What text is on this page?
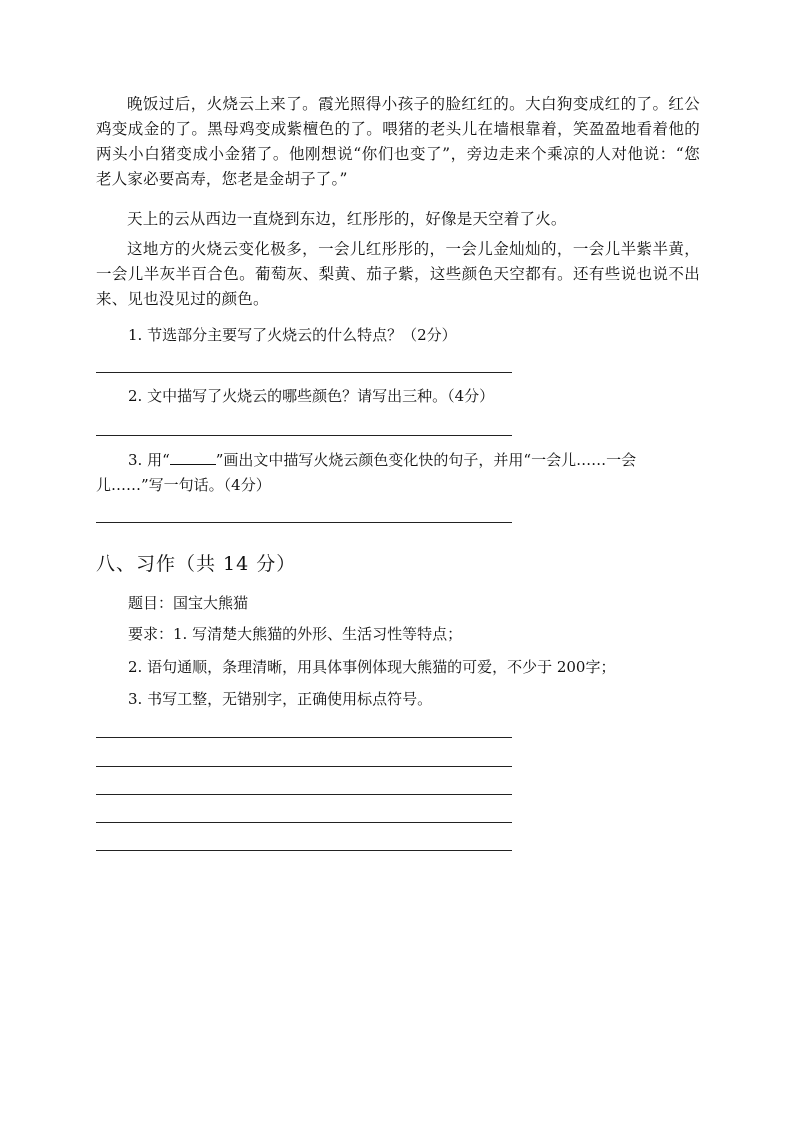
晚饭过后，火烧云上来了。霞光照得小孩子的脸红红的。大白狗变成红的了。红公鸡变成金的了。黑母鸡变成紫檀色的了。喂猪的老头儿在墙根靠着，笑盈盈地看着他的两头小白猪变成小金猪了。他刚想说“你们也变了”，旁边走来个乘凉的人对他说：“您老人家必要高寿，您老是金胡子了。”

天上的云从西边一直烧到东边，红彤彤的，好像是天空着了火。

这地方的火烧云变化极多，一会儿红彤彤的，一会儿金灿灿的，一会儿半紫半黄，一会儿半灰半百合色。葡萄灰、梨黄、茄子紫，这些颜色天空都有。还有些说也说不出来、见也没见过的颜色。

1. 节选部分主要写了火烧云的什么特点？（2分）
2. 文中描写了火烧云的哪些颜色？请写出三种。（4分）
3. 用“	”画出文中描写火烧云颜色变化快的句子，并用“一会儿……一会儿……”写一句话。（4分）
八、习作（共 14 分）
题目：国宝大熊猫
要求：1. 写清楚大熊猫的外形、生活习性等特点；
2. 语句通顺，条理清晰，用具体事例体现大熊猫的可爱，不少于 200字；
3. 书写工整，无错别字，正确使用标点符号。
